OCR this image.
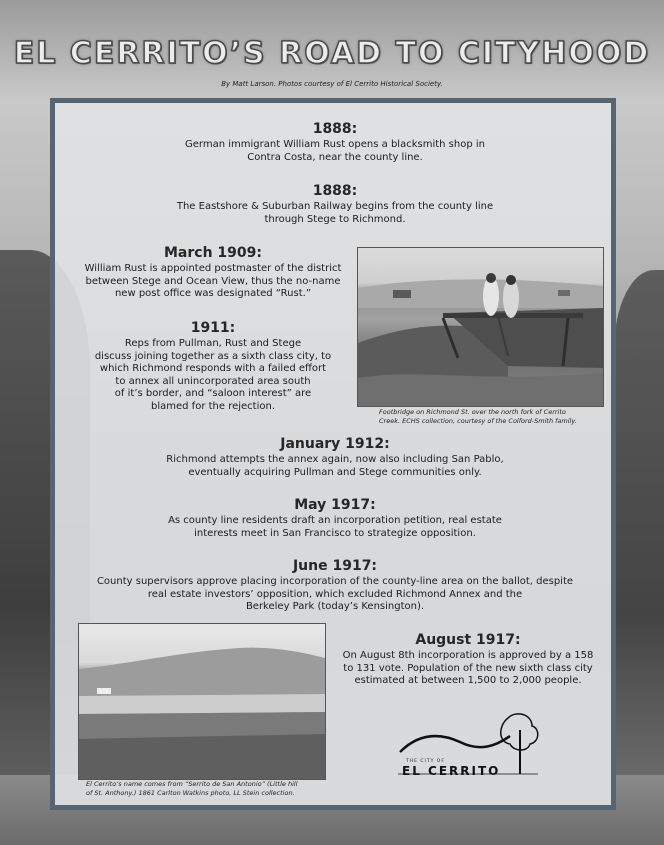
EL CERRITO’S ROAD TO CITYHOOD
By Matt Larson. Photos courtesy of El Cerrito Historical Society.
1888:
German immigrant William Rust opens a blacksmith shop in
Contra Costa, near the county line.
1888:
The Eastshore & Suburban Railway begins from the county line
through Stege to Richmond.
March 1909:
William Rust is appointed postmaster of the district
between Stege and Ocean View, thus the no-name
new post office was designated “Rust.”
1911:
Reps from Pullman, Rust and Stege
discuss joining together as a sixth class city, to
which Richmond responds with a failed effort
to annex all unincorporated area south
of it’s border, and “saloon interest” are
blamed for the rejection.
Footbridge on Richmond St. over the north fork of Cerrito
Creek. ECHS collection, courtesy of the Colford-Smith family.
January 1912:
Richmond attempts the annex again, now also including San Pablo,
eventually acquiring Pullman and Stege communities only.
May 1917:
As county line residents draft an incorporation petition, real estate
interests meet in San Francisco to strategize opposition.
June 1917:
County supervisors approve placing incorporation of the county-line area on the ballot, despite
real estate investors’ opposition, which excluded Richmond Annex and the
Berkeley Park (today’s Kensington).
El Cerrito’s name comes from “Serrito de San Antonio” (Little hill
of St. Anthony.) 1861 Carlton Watkins photo, LL Stein collection.
August 1917:
On August 8th incorporation is approved by a 158
to 131 vote. Population of the new sixth class city
estimated at between 1,500 to 2,000 people.
THE CITY OF
EL CERRITO
